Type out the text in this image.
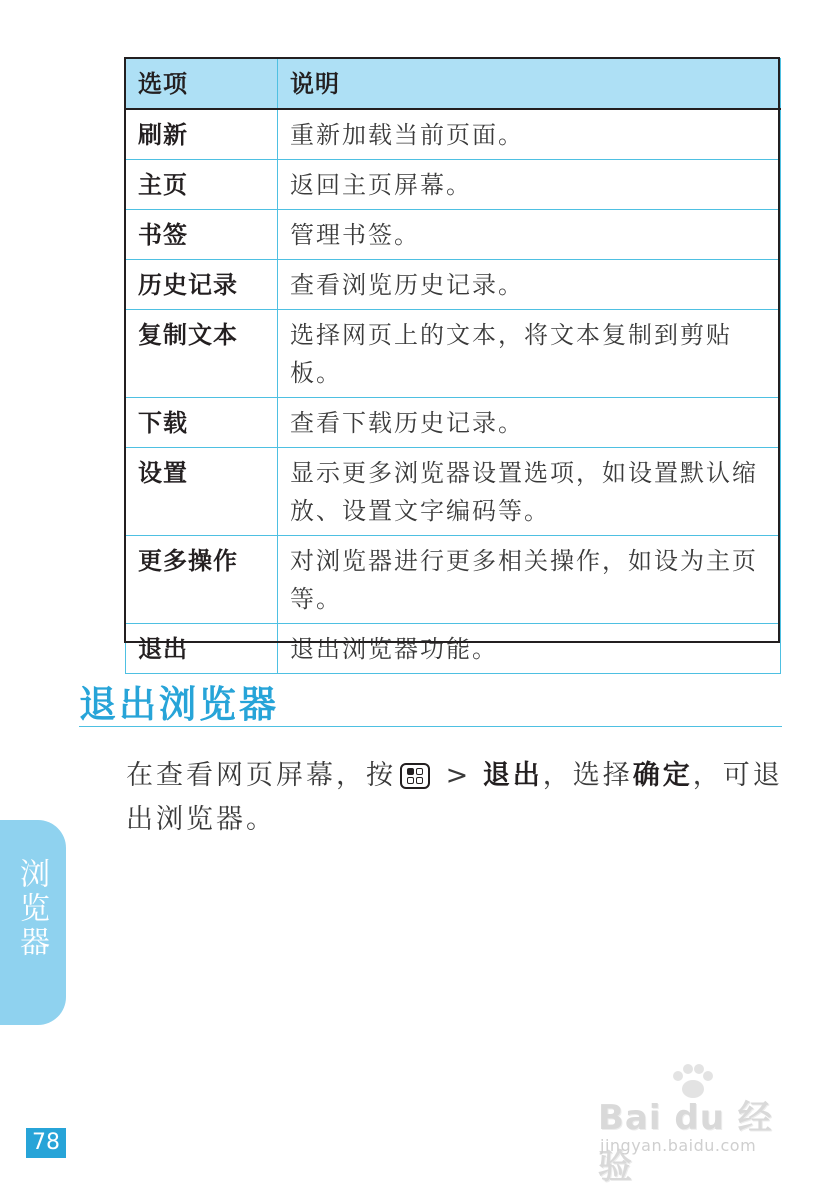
选项	说明
刷新	重新加载当前页面。
主页	返回主页屏幕。
书签	管理书签。
历史记录	查看浏览历史记录。
复制文本	选择网页上的文本，将文本复制到剪贴板。
下载	查看下载历史记录。
设置	显示更多浏览器设置选项，如设置默认缩放、设置文字编码等。
更多操作	对浏览器进行更多相关操作，如设为主页等。
退出	退出浏览器功能。
退出浏览器
在查看网页屏幕，按
> 退出，选择确定，可退出浏览器。
浏览器
78
Bai du 经验
jingyan.baidu.com
